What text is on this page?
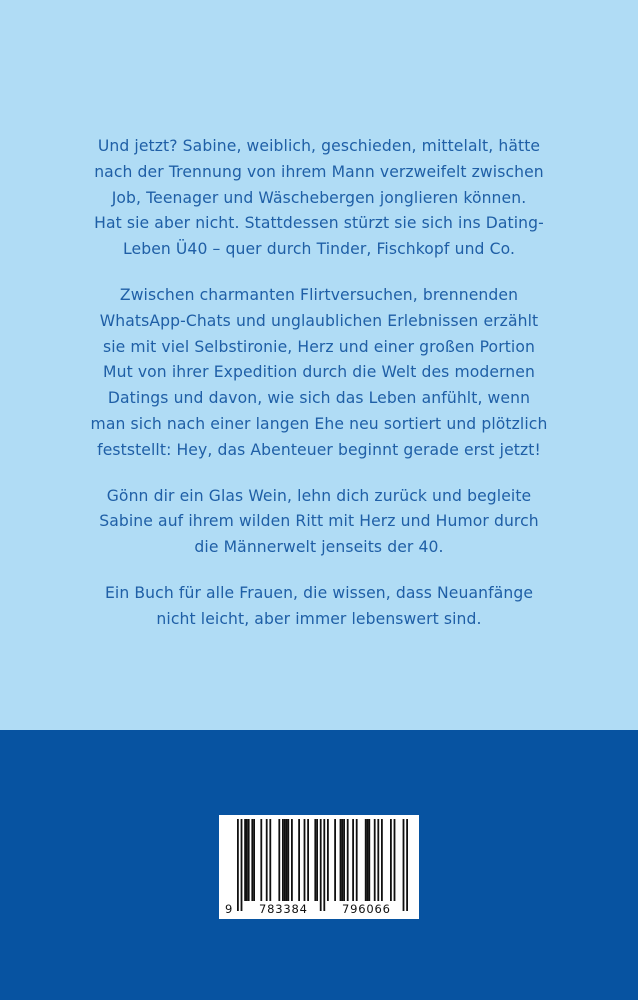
Und jetzt? Sabine, weiblich, geschieden, mittelalt, hätte
nach der Trennung von ihrem Mann verzweifelt zwischen
Job, Teenager und Wäschebergen jonglieren können.
Hat sie aber nicht. Stattdessen stürzt sie sich ins Dating-
Leben Ü40 – quer durch Tinder, Fischkopf und Co.

Zwischen charmanten Flirtversuchen, brennenden
WhatsApp-Chats und unglaublichen Erlebnissen erzählt
sie mit viel Selbstironie, Herz und einer großen Portion
Mut von ihrer Expedition durch die Welt des modernen
Datings und davon, wie sich das Leben anfühlt, wenn
man sich nach einer langen Ehe neu sortiert und plötzlich
feststellt: Hey, das Abenteuer beginnt gerade erst jetzt!

Gönn dir ein Glas Wein, lehn dich zurück und begleite
Sabine auf ihrem wilden Ritt mit Herz und Humor durch
die Männerwelt jenseits der 40.

Ein Buch für alle Frauen, die wissen, dass Neuanfänge
nicht leicht, aber immer lebenswert sind.

9 783384	796066
